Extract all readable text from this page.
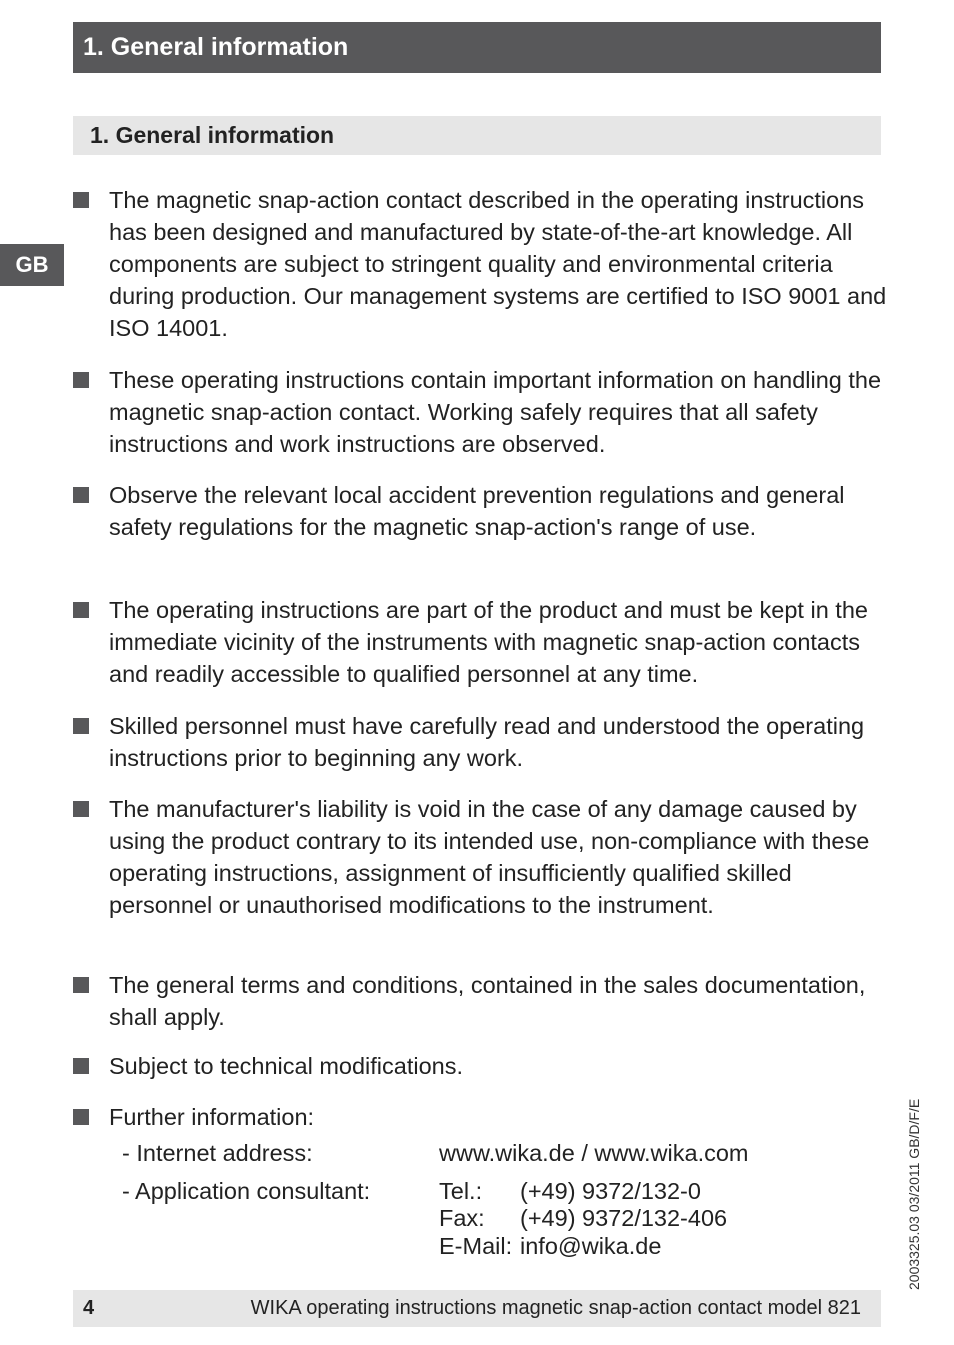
1. General information
1. General information
GB
The magnetic snap-action contact described in the operating instructions has been designed and manufactured by state-of-the-art knowledge. All components are subject to stringent quality and environmental criteria during production. Our management systems are certified to ISO 9001 and ISO 14001.
These operating instructions contain important information on handling the magnetic snap-action contact. Working safely requires that all safety instructions and work instructions are observed.
Observe the relevant local accident prevention regulations and general safety regulations for the magnetic snap-action's range of use.
The operating instructions are part of the product and must be kept in the immediate vicinity of the instruments with magnetic snap-action contacts and readily accessible to qualified personnel at any time.
Skilled personnel must have carefully read and understood the operating instructions prior to beginning any work.
The manufacturer's liability is void in the case of any damage caused by using the product contrary to its intended use, non-compliance with these operating instructions, assignment of insufficiently qualified skilled personnel or unauthorised modifications to the instrument.
The general terms and conditions, contained in the sales documentation, shall apply.
Subject to technical modifications.
Further information:
- Internet address:	www.wika.de / www.wika.com
- Application consultant:	Tel.: (+49) 9372/132-0
Fax: (+49) 9372/132-406
E-Mail: info@wika.de	2003325.03 03/2011 GB/D/F/E
4	WIKA operating instructions magnetic snap-action contact model 821
